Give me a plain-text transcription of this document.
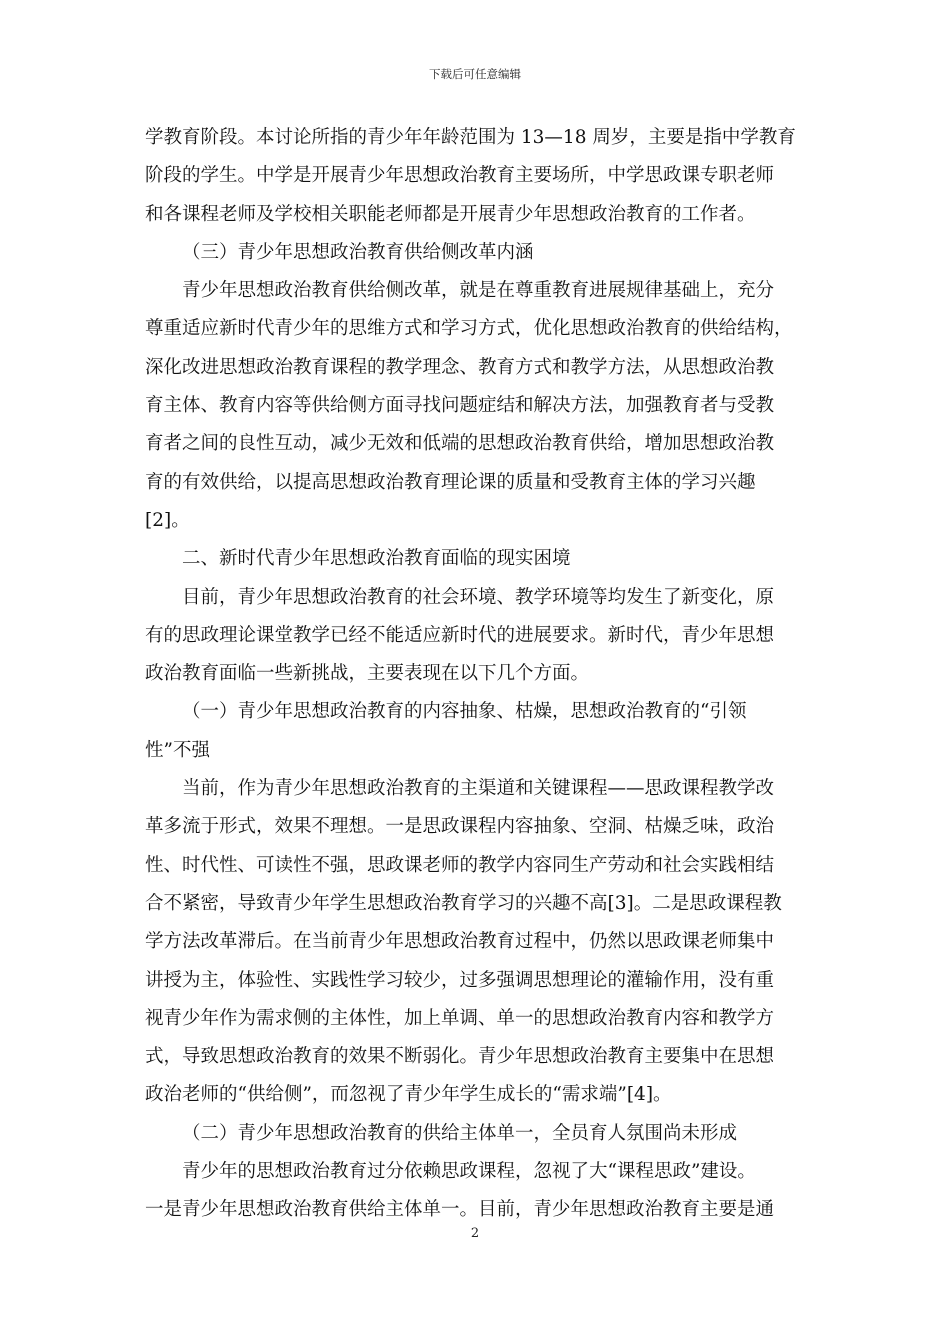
下载后可任意编辑
学教育阶段。本讨论所指的青少年年龄范围为 13—18 周岁，主要是指中学教育
阶段的学生。中学是开展青少年思想政治教育主要场所，中学思政课专职老师
和各课程老师及学校相关职能老师都是开展青少年思想政治教育的工作者。
（三）青少年思想政治教育供给侧改革内涵
青少年思想政治教育供给侧改革，就是在尊重教育进展规律基础上，充分
尊重适应新时代青少年的思维方式和学习方式，优化思想政治教育的供给结构，
深化改进思想政治教育课程的教学理念、教育方式和教学方法，从思想政治教
育主体、教育内容等供给侧方面寻找问题症结和解决方法，加强教育者与受教
育者之间的良性互动，减少无效和低端的思想政治教育供给，增加思想政治教
育的有效供给，以提高思想政治教育理论课的质量和受教育主体的学习兴趣
[2]。
二、新时代青少年思想政治教育面临的现实困境
目前，青少年思想政治教育的社会环境、教学环境等均发生了新变化，原
有的思政理论课堂教学已经不能适应新时代的进展要求。新时代，青少年思想
政治教育面临一些新挑战，主要表现在以下几个方面。
（一）青少年思想政治教育的内容抽象、枯燥，思想政治教育的“引领
性”不强
当前，作为青少年思想政治教育的主渠道和关键课程——思政课程教学改
革多流于形式，效果不理想。一是思政课程内容抽象、空洞、枯燥乏味，政治
性、时代性、可读性不强，思政课老师的教学内容同生产劳动和社会实践相结
合不紧密，导致青少年学生思想政治教育学习的兴趣不高[3]。二是思政课程教
学方法改革滞后。在当前青少年思想政治教育过程中，仍然以思政课老师集中
讲授为主，体验性、实践性学习较少，过多强调思想理论的灌输作用，没有重
视青少年作为需求侧的主体性，加上单调、单一的思想政治教育内容和教学方
式，导致思想政治教育的效果不断弱化。青少年思想政治教育主要集中在思想
政治老师的“供给侧”，而忽视了青少年学生成长的“需求端”[4]。
（二）青少年思想政治教育的供给主体单一，全员育人氛围尚未形成
青少年的思想政治教育过分依赖思政课程，忽视了大“课程思政”建设。
一是青少年思想政治教育供给主体单一。目前，青少年思想政治教育主要是通
2
